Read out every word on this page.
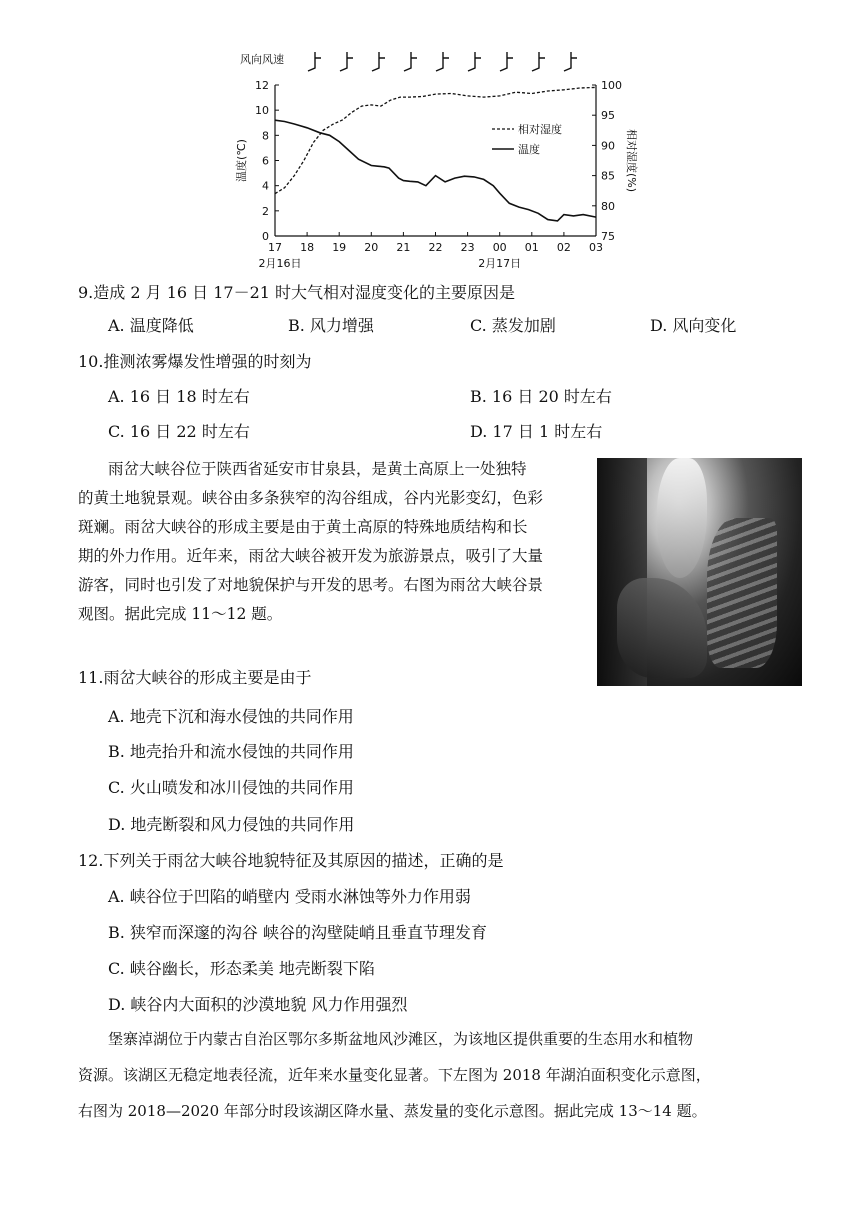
风向风速
0
2
4
6
8
10
12
75
80
85
90
95
100
17 18 19 20 21 22 23 00 01 02 03
温度(℃)	相对湿度(%)
2月16日	2月17日
相对湿度
温度
9.造成 2 月 16 日 17－21 时大气相对湿度变化的主要原因是
A. 温度降低	B. 风力增强	C. 蒸发加剧	D. 风向变化
10.推测浓雾爆发性增强的时刻为
A. 16 日 18 时左右	B. 16 日 20 时左右
C. 16 日 22 时左右	D. 17 日 1 时左右
雨岔大峡谷位于陕西省延安市甘泉县，是黄土高原上一处独特
的黄土地貌景观。峡谷由多条狭窄的沟谷组成，谷内光影变幻，色彩
斑斓。雨岔大峡谷的形成主要是由于黄土高原的特殊地质结构和长
期的外力作用。近年来，雨岔大峡谷被开发为旅游景点，吸引了大量
游客，同时也引发了对地貌保护与开发的思考。右图为雨岔大峡谷景
观图。据此完成 11～12 题。
11.雨岔大峡谷的形成主要是由于
A. 地壳下沉和海水侵蚀的共同作用
B. 地壳抬升和流水侵蚀的共同作用
C. 火山喷发和冰川侵蚀的共同作用
D. 地壳断裂和风力侵蚀的共同作用
12.下列关于雨岔大峡谷地貌特征及其原因的描述，正确的是
A. 峡谷位于凹陷的峭壁内 受雨水淋蚀等外力作用弱
B. 狭窄而深邃的沟谷 峡谷的沟壁陡峭且垂直节理发育
C. 峡谷幽长，形态柔美 地壳断裂下陷
D. 峡谷内大面积的沙漠地貌 风力作用强烈
堡寨淖湖位于内蒙古自治区鄂尔多斯盆地风沙滩区，为该地区提供重要的生态用水和植物
资源。该湖区无稳定地表径流，近年来水量变化显著。下左图为 2018 年湖泊面积变化示意图，
右图为 2018—2020 年部分时段该湖区降水量、蒸发量的变化示意图。据此完成 13～14 题。
